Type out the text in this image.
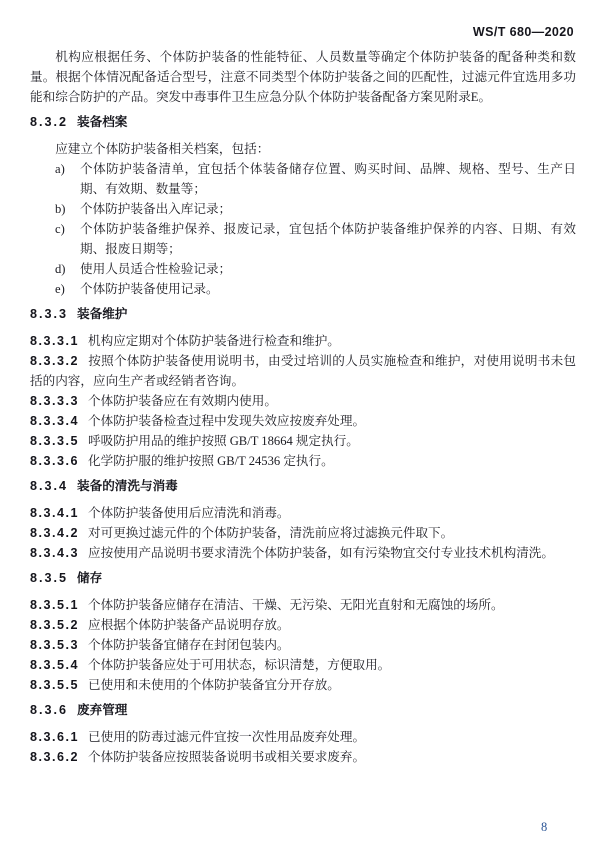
WS/T 680—2020

机构应根据任务、个体防护装备的性能特征、人员数量等确定个体防护装备的配备种类和数量。根据个体情况配备适合型号，注意不同类型个体防护装备之间的匹配性，过滤元件宜选用多功能和综合防护的产品。突发中毒事件卫生应急分队个体防护装备配备方案见附录E。

8.3.2 装备档案

应建立个体防护装备相关档案，包括：

a)	个体防护装备清单，宜包括个体装备储存位置、购买时间、品牌、规格、型号、生产日期、有效期、数量等；
b)	个体防护装备出入库记录；
c)	个体防护装备维护保养、报废记录，宜包括个体防护装备维护保养的内容、日期、有效期、报废日期等；
d)	使用人员适合性检验记录；
e)	个体防护装备使用记录。
8.3.3 装备维护

8.3.3.1 机构应定期对个体防护装备进行检查和维护。

8.3.3.2 按照个体防护装备使用说明书，由受过培训的人员实施检查和维护，对使用说明书未包括的内容，应向生产者或经销者咨询。

8.3.3.3 个体防护装备应在有效期内使用。

8.3.3.4 个体防护装备检查过程中发现失效应按废弃处理。

8.3.3.5 呼吸防护用品的维护按照 GB/T 18664 规定执行。

8.3.3.6 化学防护服的维护按照 GB/T 24536 定执行。

8.3.4 装备的清洗与消毒

8.3.4.1 个体防护装备使用后应清洗和消毒。

8.3.4.2 对可更换过滤元件的个体防护装备，清洗前应将过滤换元件取下。

8.3.4.3 应按使用产品说明书要求清洗个体防护装备，如有污染物宜交付专业技术机构清洗。

8.3.5 储存

8.3.5.1 个体防护装备应储存在清洁、干燥、无污染、无阳光直射和无腐蚀的场所。

8.3.5.2 应根据个体防护装备产品说明存放。

8.3.5.3 个体防护装备宜储存在封闭包装内。

8.3.5.4 个体防护装备应处于可用状态，标识清楚，方便取用。

8.3.5.5 已使用和未使用的个体防护装备宜分开存放。

8.3.6 废弃管理

8.3.6.1 已使用的防毒过滤元件宜按一次性用品废弃处理。

8.3.6.2 个体防护装备应按照装备说明书或相关要求废弃。

8
